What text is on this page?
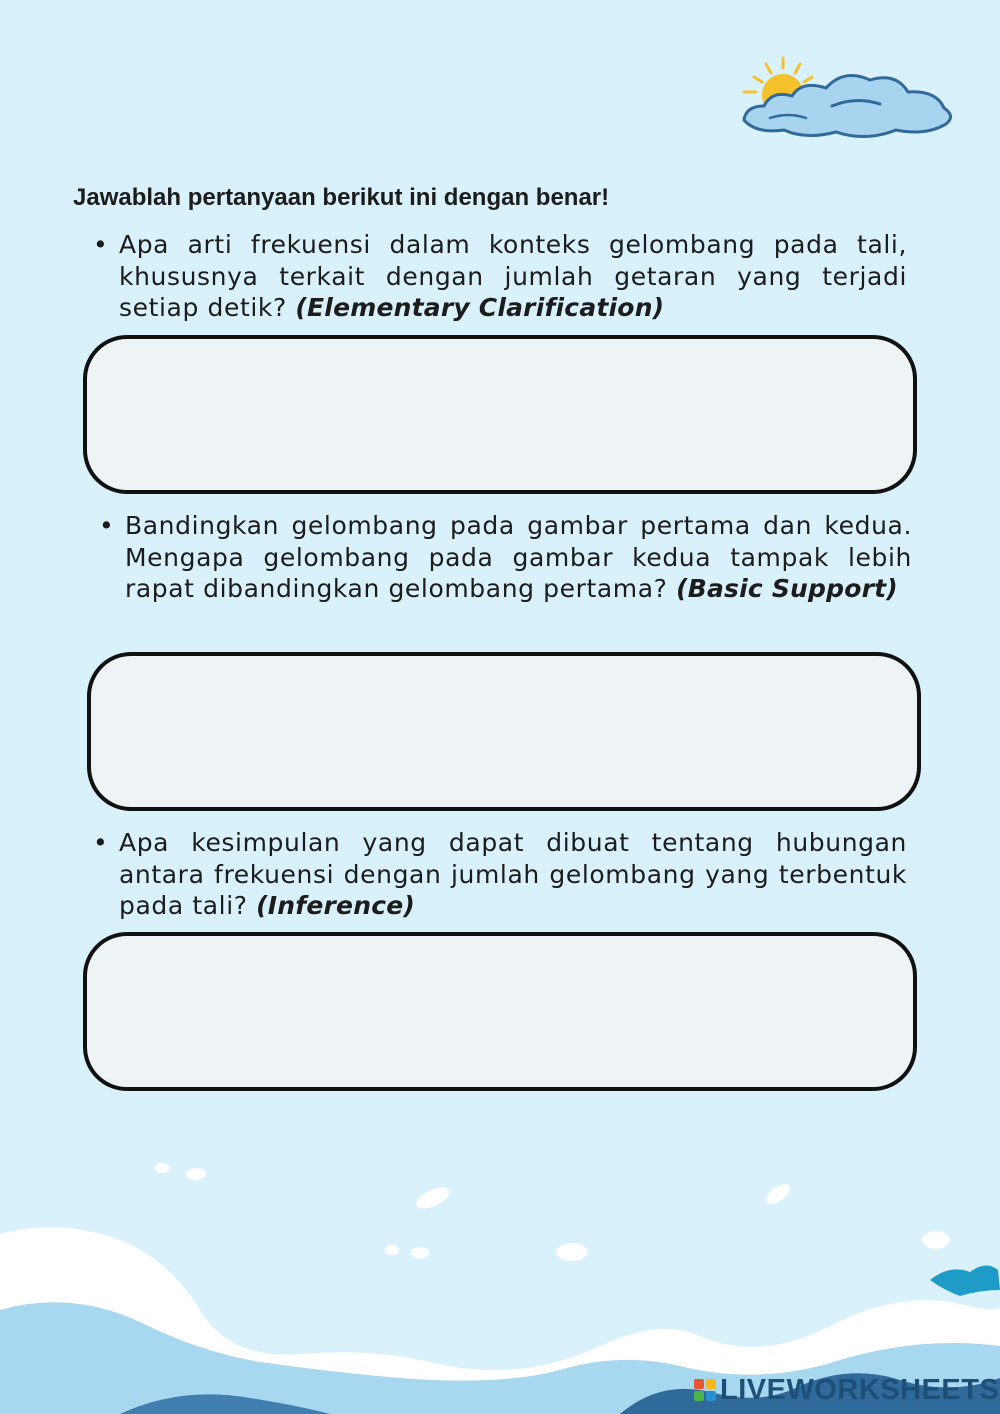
Jawablah pertanyaan berikut ini dengan benar!

• Apa arti frekuensi dalam konteks gelombang pada tali, khususnya terkait dengan jumlah getaran yang terjadi setiap detik? (Elementary Clarification)

• Bandingkan gelombang pada gambar pertama dan kedua. Mengapa gelombang pada gambar kedua tampak lebih rapat dibandingkan gelombang pertama? (Basic Support)

• Apa kesimpulan yang dapat dibuat tentang hubungan antara frekuensi dengan jumlah gelombang yang terbentuk pada tali? (Inference)

LIVEWORKSHEETS
